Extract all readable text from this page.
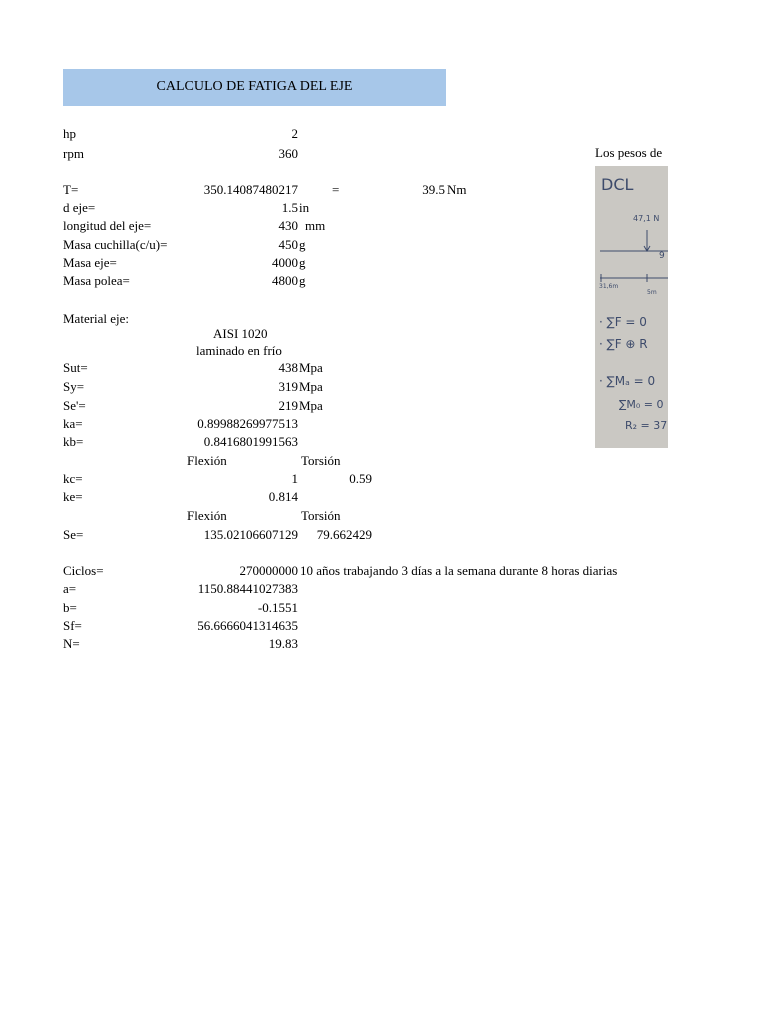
CALCULO DE FATIGA DEL EJE
hp	2
rpm	360	Los pesos de
T=	350.14087480217	=	39.5 Nm
d eje=	1.5 in
longitud del eje=	430 mm
Masa cuchilla(c/u)=	450 g
Masa eje=	4000 g
Masa polea=	4800 g
Material eje:
AISI 1020
laminado en frío
Sut=	438 Mpa
Sy=	319 Mpa
Se'=	219 Mpa
ka=	0.89988269977513
kb=	0.8416801991563
Flexión	Torsión
kc=	1	0.59
ke=	0.814
Flexión	Torsión
Se=	135.02106607129 79.662429
Ciclos=	270000000 10 años trabajando 3 días a la semana durante 8 horas diarias
a=	1150.88441027383
b=	-0.1551
Sf=	56.6666041314635
N=	19.83
DCL
47,1 N
31,6m
9
5m
· ∑F = 0
· ∑F ⊕ R
· ∑Mₐ = 0
∑M₀ = 0
R₂ = 37
